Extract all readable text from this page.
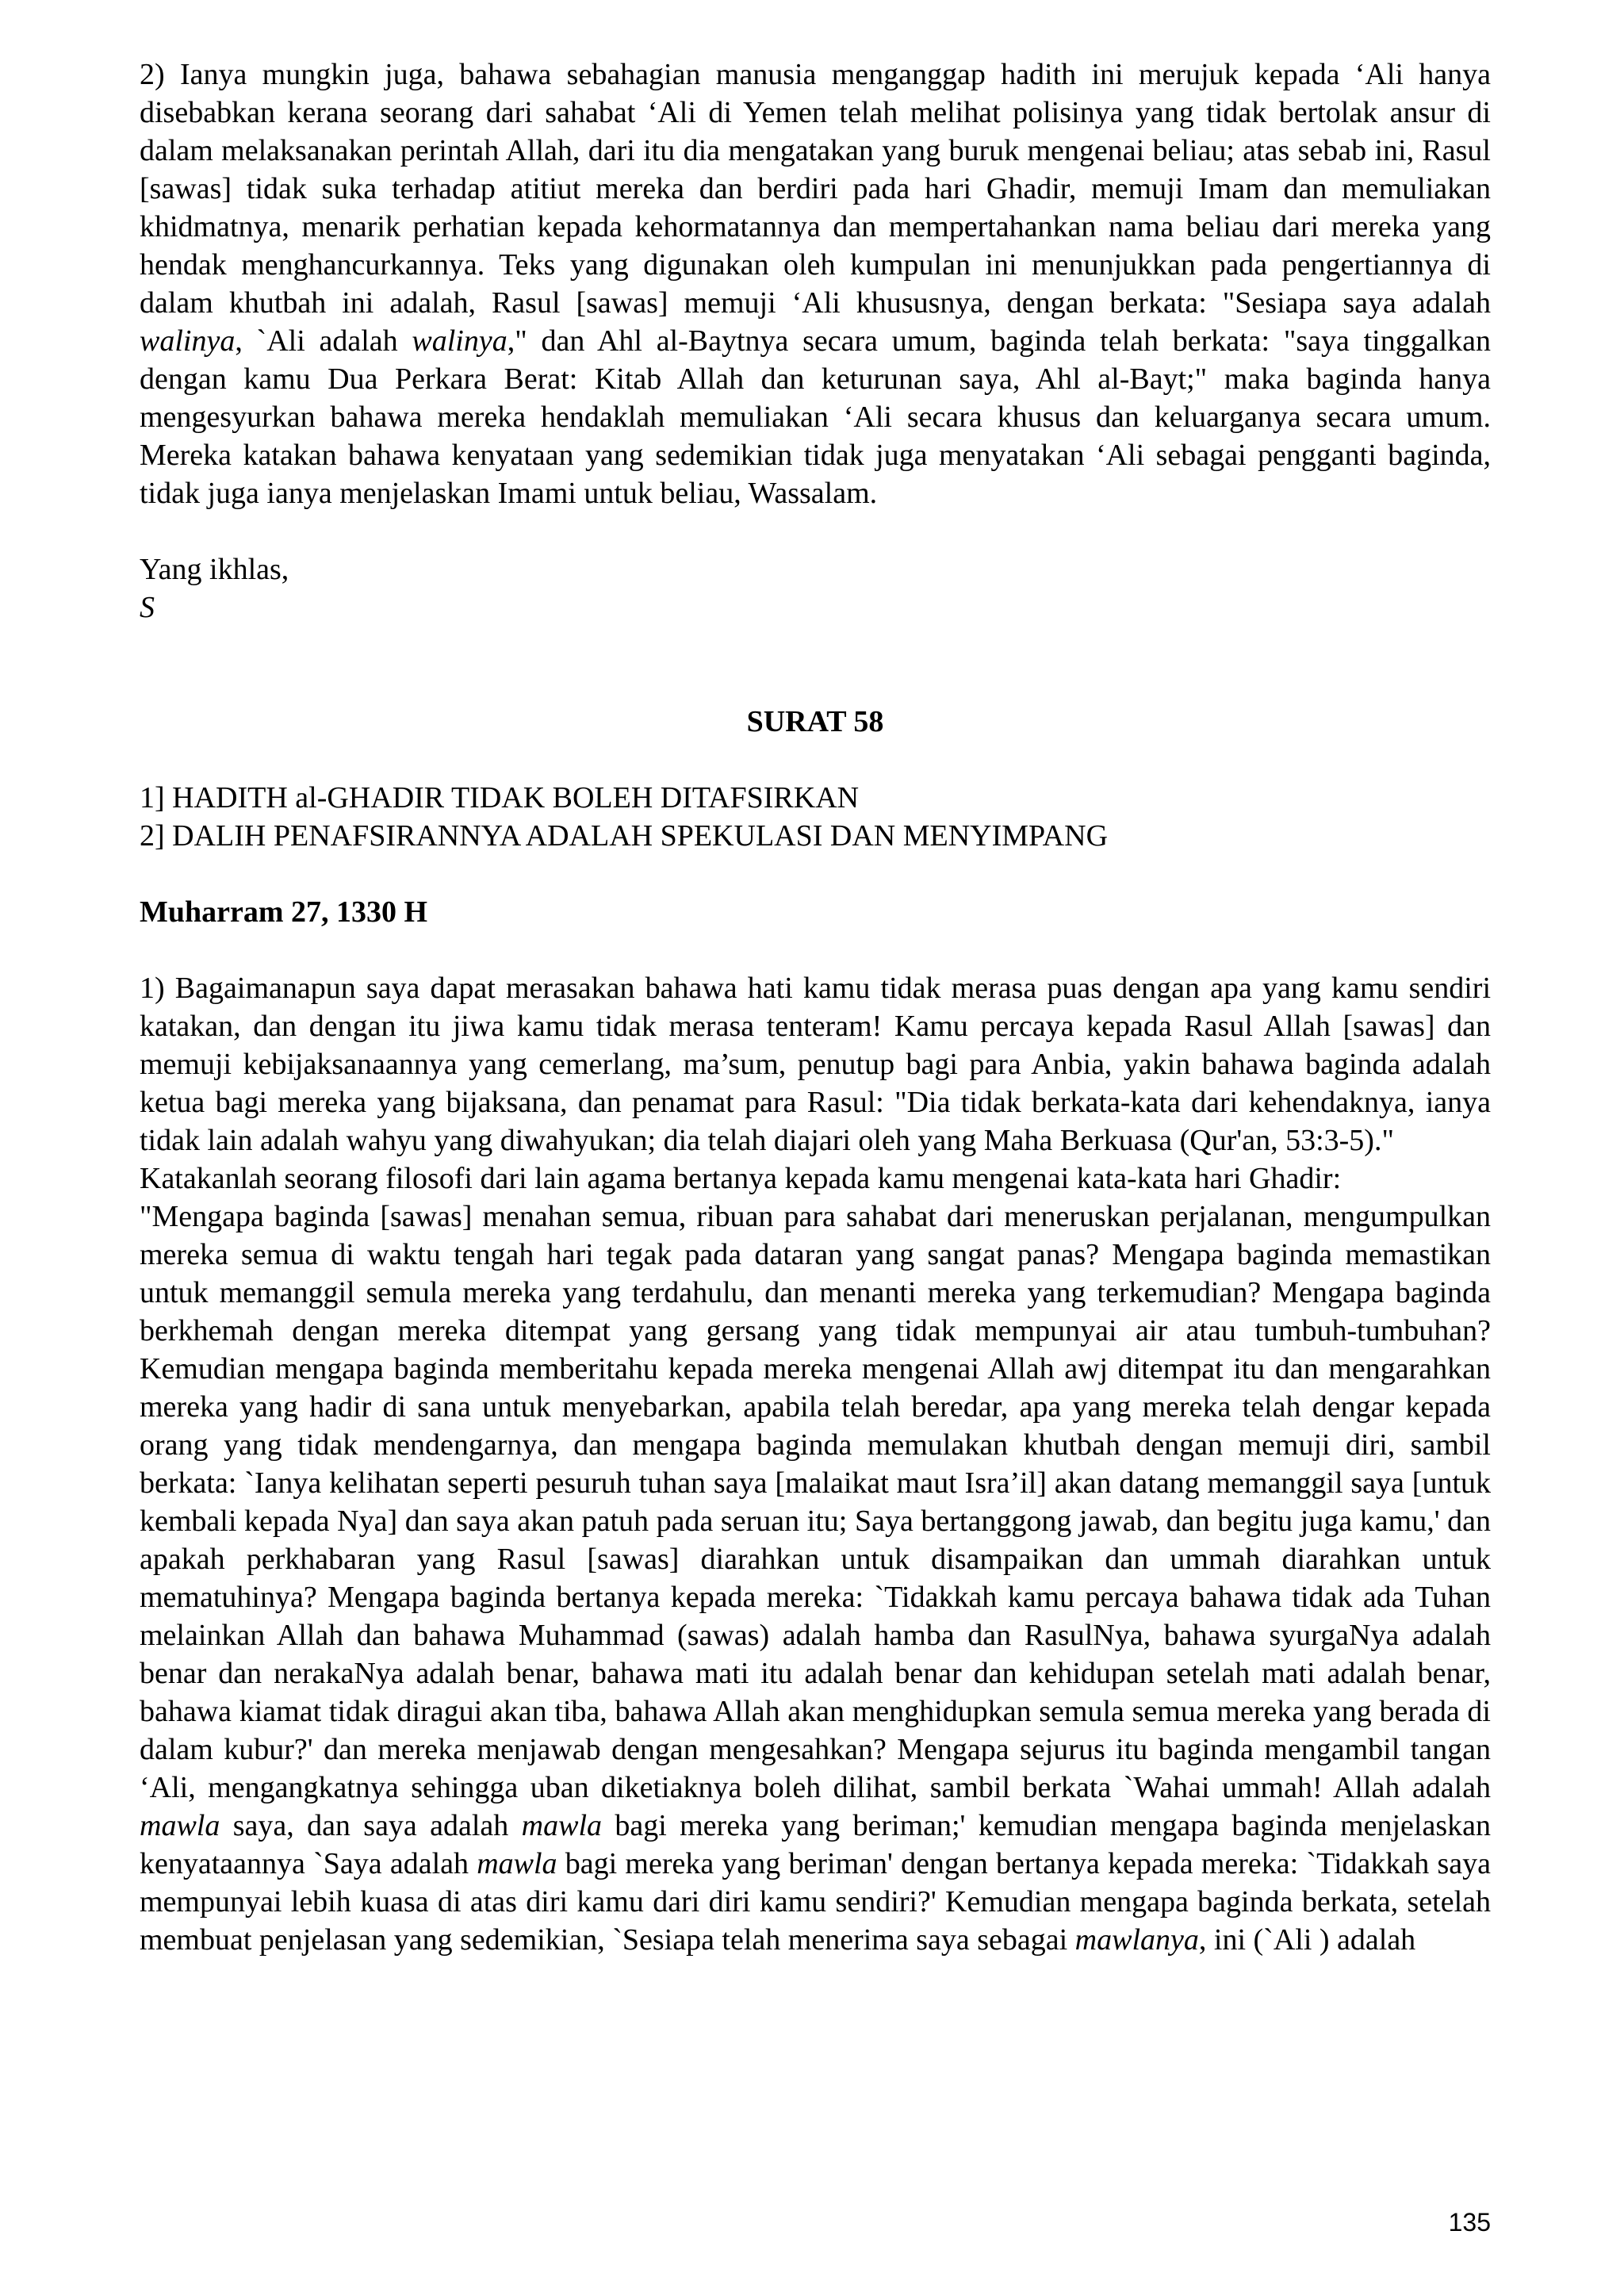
2) Ianya mungkin juga, bahawa sebahagian manusia menganggap hadith ini merujuk kepada ‘Ali hanya disebabkan kerana seorang dari sahabat ‘Ali di Yemen telah melihat polisinya yang tidak bertolak ansur di dalam melaksanakan perintah Allah, dari itu dia mengatakan yang buruk mengenai beliau; atas sebab ini, Rasul [sawas] tidak suka terhadap atitiut mereka dan berdiri pada hari Ghadir, memuji Imam dan memuliakan khidmatnya, menarik perhatian kepada kehormatannya dan mempertahankan nama beliau dari mereka yang hendak menghancurkannya. Teks yang digunakan oleh kumpulan ini menunjukkan pada pengertiannya di dalam khutbah ini adalah, Rasul [sawas] memuji ‘Ali khususnya, dengan berkata: "Sesiapa saya adalah walinya, `Ali adalah walinya," dan Ahl al-Baytnya secara umum, baginda telah berkata: "saya tinggalkan dengan kamu Dua Perkara Berat: Kitab Allah dan keturunan saya, Ahl al-Bayt;" maka baginda hanya mengesyurkan bahawa mereka hendaklah memuliakan ‘Ali secara khusus dan keluarganya secara umum. Mereka katakan bahawa kenyataan yang sedemikian tidak juga menyatakan ‘Ali sebagai pengganti baginda, tidak juga ianya menjelaskan Imami untuk beliau, Wassalam.

Yang ikhlas,

S

SURAT 58

1] HADITH al-GHADIR TIDAK BOLEH DITAFSIRKAN

2] DALIH PENAFSIRANNYA ADALAH SPEKULASI DAN MENYIMPANG

Muharram 27, 1330 H

1) Bagaimanapun saya dapat merasakan bahawa hati kamu tidak merasa puas dengan apa yang kamu sendiri katakan, dan dengan itu jiwa kamu tidak merasa tenteram! Kamu percaya kepada Rasul Allah [sawas] dan memuji kebijaksanaannya yang cemerlang, ma’sum, penutup bagi para Anbia, yakin bahawa baginda adalah ketua bagi mereka yang bijaksana, dan penamat para Rasul: "Dia tidak berkata-kata dari kehendaknya, ianya tidak lain adalah wahyu yang diwahyukan; dia telah diajari oleh yang Maha Berkuasa (Qur'an, 53:3-5)."

Katakanlah seorang filosofi dari lain agama bertanya kepada kamu mengenai kata-kata hari Ghadir:

"Mengapa baginda [sawas] menahan semua, ribuan para sahabat dari meneruskan perjalanan, mengumpulkan mereka semua di waktu tengah hari tegak pada dataran yang sangat panas? Mengapa baginda memastikan untuk memanggil semula mereka yang terdahulu, dan menanti mereka yang terkemudian? Mengapa baginda berkhemah dengan mereka ditempat yang gersang yang tidak mempunyai air atau tumbuh-tumbuhan? Kemudian mengapa baginda memberitahu kepada mereka mengenai Allah awj ditempat itu dan mengarahkan mereka yang hadir di sana untuk menyebarkan, apabila telah beredar, apa yang mereka telah dengar kepada orang yang tidak mendengarnya, dan mengapa baginda memulakan khutbah dengan memuji diri, sambil berkata: `Ianya kelihatan seperti pesuruh tuhan saya [malaikat maut Isra’il] akan datang memanggil saya [untuk kembali kepada Nya] dan saya akan patuh pada seruan itu; Saya bertanggong jawab, dan begitu juga kamu,' dan apakah perkhabaran yang Rasul [sawas] diarahkan untuk disampaikan dan ummah diarahkan untuk mematuhinya? Mengapa baginda bertanya kepada mereka: `Tidakkah kamu percaya bahawa tidak ada Tuhan melainkan Allah dan bahawa Muhammad (sawas) adalah hamba dan RasulNya, bahawa syurgaNya adalah benar dan nerakaNya adalah benar, bahawa mati itu adalah benar dan kehidupan setelah mati adalah benar, bahawa kiamat tidak diragui akan tiba, bahawa Allah akan menghidupkan semula semua mereka yang berada di dalam kubur?' dan mereka menjawab dengan mengesahkan? Mengapa sejurus itu baginda mengambil tangan ‘Ali, mengangkatnya sehingga uban diketiaknya boleh dilihat, sambil berkata `Wahai ummah! Allah adalah mawla saya, dan saya adalah mawla bagi mereka yang beriman;' kemudian mengapa baginda menjelaskan kenyataannya `Saya adalah mawla bagi mereka yang beriman' dengan bertanya kepada mereka: `Tidakkah saya mempunyai lebih kuasa di atas diri kamu dari diri kamu sendiri?' Kemudian mengapa baginda berkata, setelah membuat penjelasan yang sedemikian, `Sesiapa telah menerima saya sebagai mawlanya, ini (`Ali ) adalah

135
